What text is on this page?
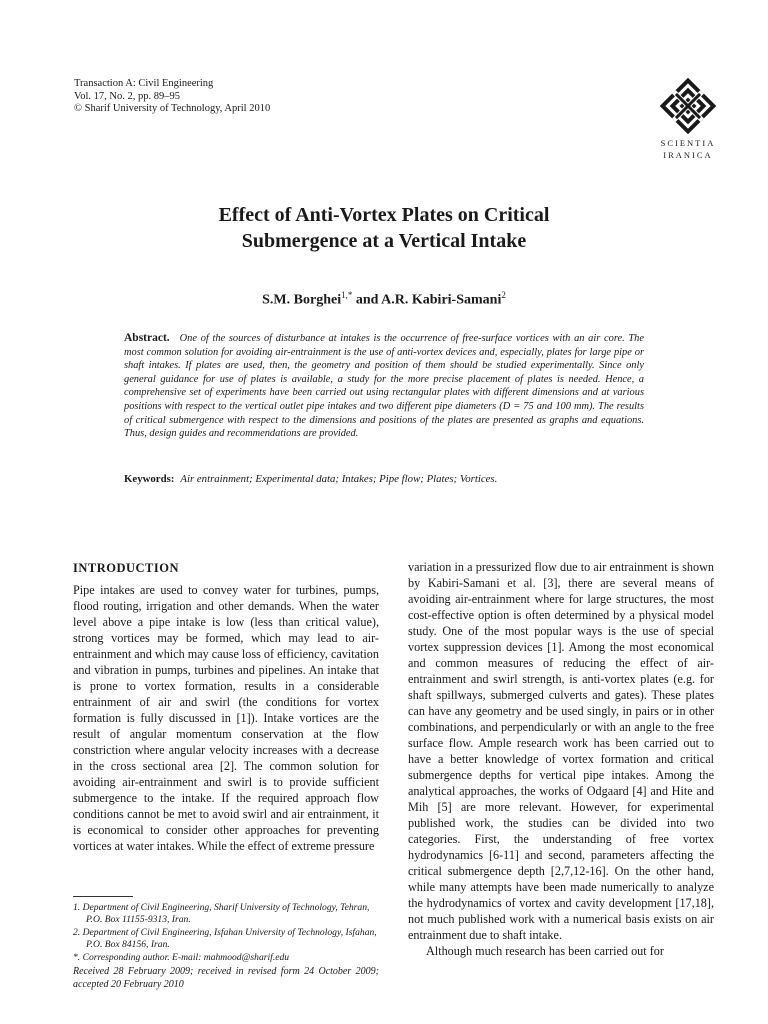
Transaction A: Civil Engineering
Vol. 17, No. 2, pp. 89–95
© Sharif University of Technology, April 2010
SCIENTIA
IRANICA
Effect of Anti-Vortex Plates on Critical
Submergence at a Vertical Intake
S.M. Borghei$^{1,*}$ and A.R. Kabiri-Samani$^2$
Abstract. One of the sources of disturbance at intakes is the occurrence of free-surface vortices with an air core. The most common solution for avoiding air-entrainment is the use of anti-vortex devices and, especially, plates for large pipe or shaft intakes. If plates are used, then, the geometry and position of them should be studied experimentally. Since only general guidance for use of plates is available, a study for the more precise placement of plates is needed. Hence, a comprehensive set of experiments have been carried out using rectangular plates with different dimensions and at various positions with respect to the vertical outlet pipe intakes and two different pipe diameters (D = 75 and 100 mm). The results of critical submergence with respect to the dimensions and positions of the plates are presented as graphs and equations. Thus, design guides and recommendations are provided.
Keywords: Air entrainment; Experimental data; Intakes; Pipe flow; Plates; Vortices.
INTRODUCTION
Pipe intakes are used to convey water for turbines, pumps, flood routing, irrigation and other demands. When the water level above a pipe intake is low (less than critical value), strong vortices may be formed, which may lead to air-entrainment and which may cause loss of efficiency, cavitation and vibration in pumps, turbines and pipelines. An intake that is prone to vortex formation, results in a considerable entrainment of air and swirl (the conditions for vortex formation is fully discussed in [1]). Intake vortices are the result of angular momentum conservation at the flow constriction where angular velocity increases with a decrease in the cross sectional area [2]. The common solution for avoiding air-entrainment and swirl is to provide sufficient submergence to the intake. If the required approach flow conditions cannot be met to avoid swirl and air entrainment, it is economical to consider other approaches for preventing vortices at water intakes. While the effect of extreme pressure
variation in a pressurized flow due to air entrainment is shown by Kabiri-Samani et al. [3], there are several means of avoiding air-entrainment where for large structures, the most cost-effective option is often determined by a physical model study. One of the most popular ways is the use of special vortex suppression devices [1]. Among the most economical and common measures of reducing the effect of air-entrainment and swirl strength, is anti-vortex plates (e.g. for shaft spillways, submerged culverts and gates). These plates can have any geometry and be used singly, in pairs or in other combinations, and perpendicularly or with an angle to the free surface flow. Ample research work has been carried out to have a better knowledge of vortex formation and critical submergence depths for vertical pipe intakes. Among the analytical approaches, the works of Odgaard [4] and Hite and Mih [5] are more relevant. However, for experimental published work, the studies can be divided into two categories. First, the understanding of free vortex hydrodynamics [6-11] and second, parameters affecting the critical submergence depth [2,7,12-16]. On the other hand, while many attempts have been made numerically to analyze the hydrodynamics of vortex and cavity development [17,18], not much published work with a numerical basis exists on air entrainment due to shaft intake.
Although much research has been carried out for
1. Department of Civil Engineering, Sharif University of Technology, Tehran, P.O. Box 11155-9313, Iran.
2. Department of Civil Engineering, Isfahan University of Technology, Isfahan, P.O. Box 84156, Iran.
*. Corresponding author. E-mail: mahmood@sharif.edu
Received 28 February 2009; received in revised form 24 October 2009; accepted 20 February 2010
